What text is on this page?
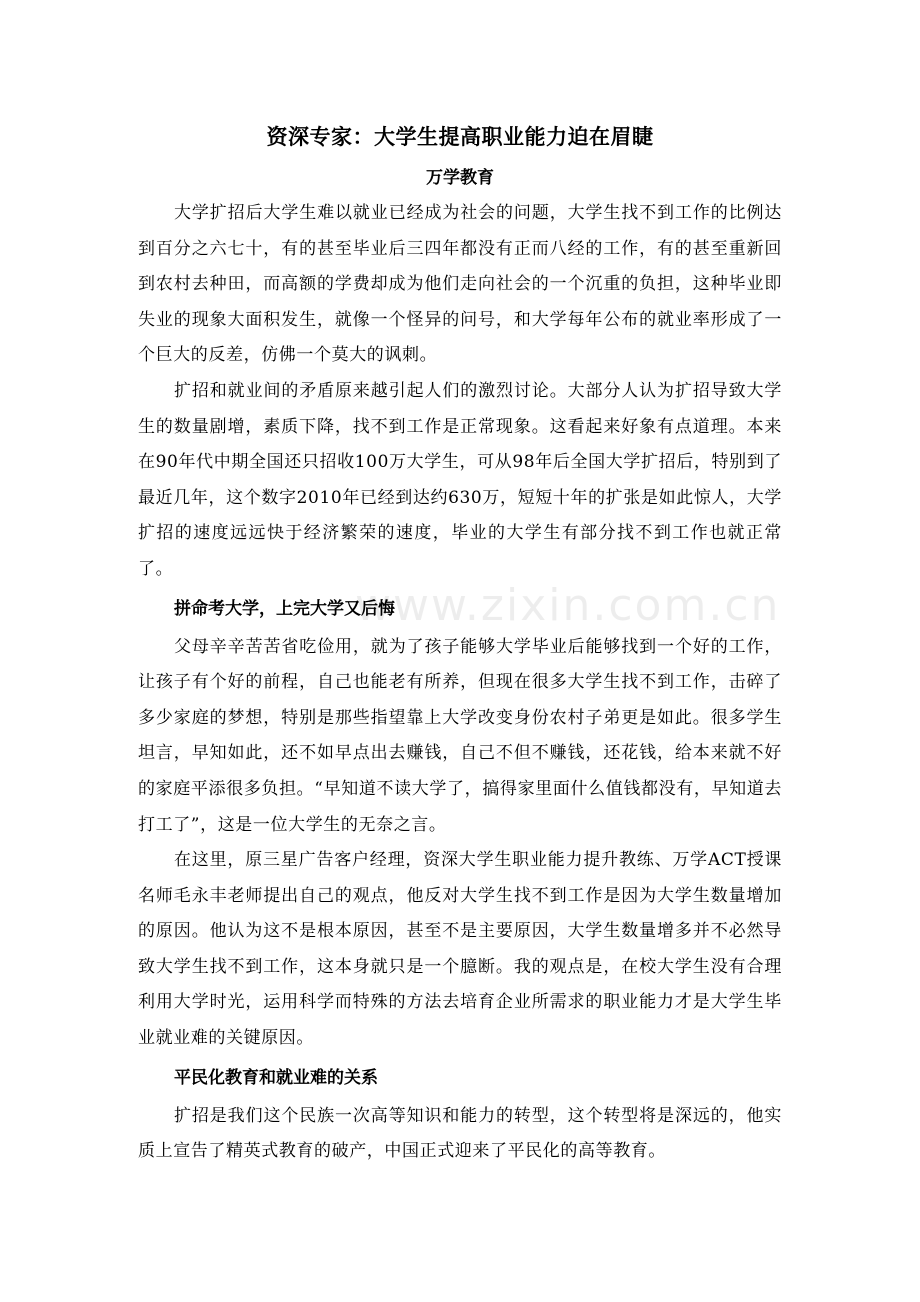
www.zixin.com.cn
资深专家：大学生提高职业能力迫在眉睫
万学教育

大学扩招后大学生难以就业已经成为社会的问题，大学生找不到工作的比例达到百分之六七十，有的甚至毕业后三四年都没有正而八经的工作，有的甚至重新回到农村去种田，而高额的学费却成为他们走向社会的一个沉重的负担，这种毕业即失业的现象大面积发生，就像一个怪异的问号，和大学每年公布的就业率形成了一个巨大的反差，仿佛一个莫大的讽刺。

扩招和就业间的矛盾原来越引起人们的激烈讨论。大部分人认为扩招导致大学生的数量剧增，素质下降，找不到工作是正常现象。这看起来好象有点道理。本来在90年代中期全国还只招收100万大学生，可从98年后全国大学扩招后，特别到了最近几年，这个数字2010年已经到达约630万，短短十年的扩张是如此惊人，大学扩招的速度远远快于经济繁荣的速度，毕业的大学生有部分找不到工作也就正常了。

拼命考大学，上完大学又后悔

父母辛辛苦苦省吃俭用，就为了孩子能够大学毕业后能够找到一个好的工作，让孩子有个好的前程，自己也能老有所养，但现在很多大学生找不到工作，击碎了多少家庭的梦想，特别是那些指望靠上大学改变身份农村子弟更是如此。很多学生坦言，早知如此，还不如早点出去赚钱，自己不但不赚钱，还花钱，给本来就不好的家庭平添很多负担。“早知道不读大学了，搞得家里面什么值钱都没有，早知道去打工了”，这是一位大学生的无奈之言。

在这里，原三星广告客户经理，资深大学生职业能力提升教练、万学ACT授课名师毛永丰老师提出自己的观点，他反对大学生找不到工作是因为大学生数量增加的原因。他认为这不是根本原因，甚至不是主要原因，大学生数量增多并不必然导致大学生找不到工作，这本身就只是一个臆断。我的观点是，在校大学生没有合理利用大学时光，运用科学而特殊的方法去培育企业所需求的职业能力才是大学生毕业就业难的关键原因。

平民化教育和就业难的关系

扩招是我们这个民族一次高等知识和能力的转型，这个转型将是深远的，他实质上宣告了精英式教育的破产，中国正式迎来了平民化的高等教育。
